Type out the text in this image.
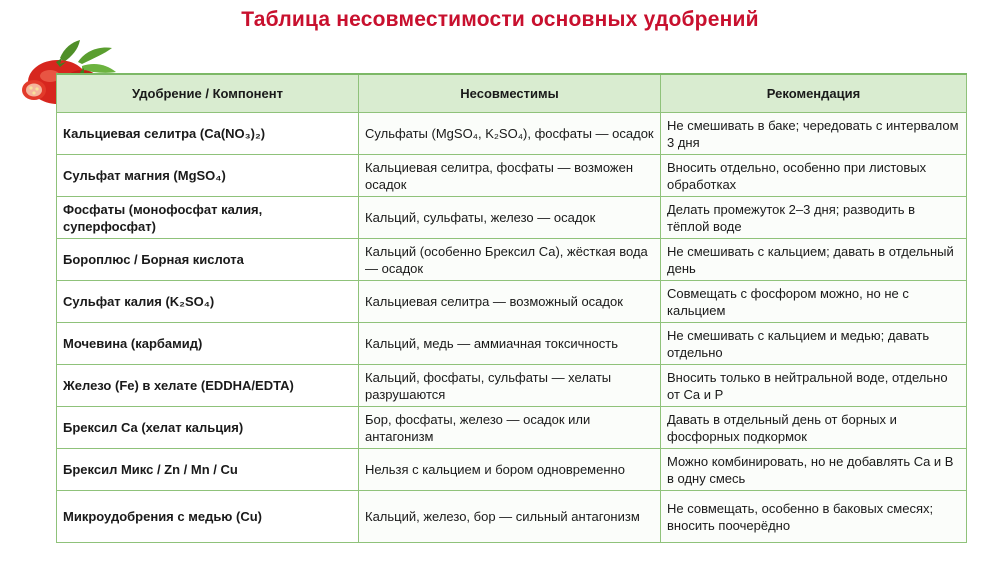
Таблица несовместимости основных удобрений
Удобрение / Компонент	Несовместимы	Рекомендация
Кальциевая селитра (Ca(NO₃)₂)	Сульфаты (MgSO₄, K₂SO₄), фосфаты — осадок	Не смешивать в баке; чередовать с интервалом 3 дня
Сульфат магния (MgSO₄)	Кальциевая селитра, фосфаты — возможен осадок	Вносить отдельно, особенно при листовых обработках
Фосфаты (монофосфат калия, суперфосфат)	Кальций, сульфаты, железо — осадок	Делать промежуток 2–3 дня; разводить в тёплой воде
Бороплюс / Борная кислота	Кальций (особенно Брексил Са), жёсткая вода — осадок	Не смешивать с кальцием; давать в отдельный день
Сульфат калия (K₂SO₄)	Кальциевая селитра — возможный осадок	Совмещать с фосфором можно, но не с кальцием
Мочевина (карбамид)	Кальций, медь — аммиачная токсичность	Не смешивать с кальцием и медью; давать отдельно
Железо (Fe) в хелате (EDDHA/EDTA)	Кальций, фосфаты, сульфаты — хелаты разрушаются	Вносить только в нейтральной воде, отдельно от Ca и P
Брексил Са (хелат кальция)	Бор, фосфаты, железо — осадок или антагонизм	Давать в отдельный день от борных и фосфорных подкормок
Брексил Микс / Zn / Mn / Cu	Нельзя с кальцием и бором одновременно	Можно комбинировать, но не добавлять Ca и B в одну смесь
Микроудобрения с медью (Cu)	Кальций, железо, бор — сильный антагонизм	Не совмещать, особенно в баковых смесях; вносить поочерёдно
